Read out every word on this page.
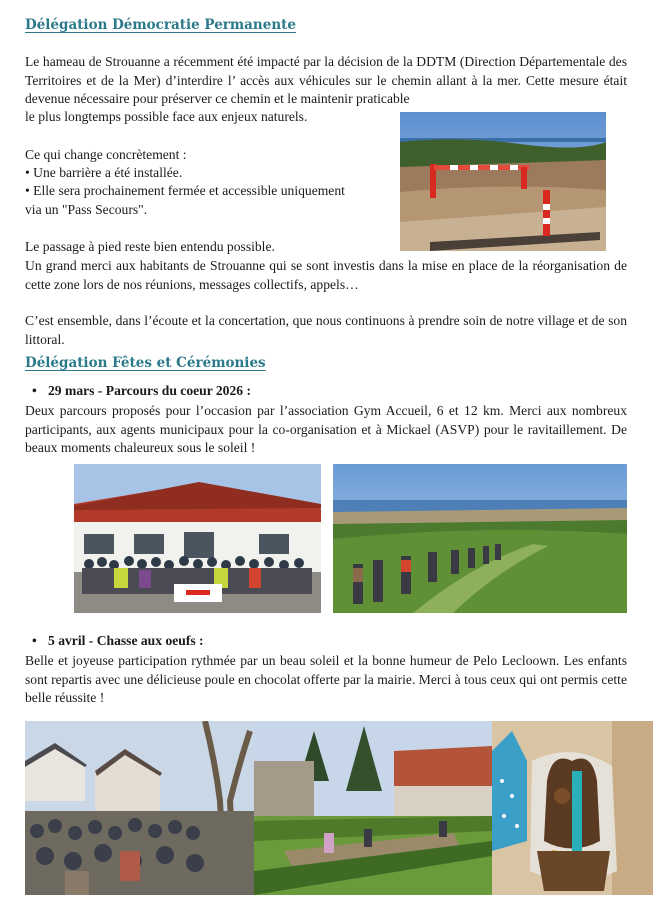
Délégation Démocratie Permanente

Le hameau de Strouanne a récemment été impacté par la décision de la DDTM (Direction Départementale des Territoires et de la Mer) d’interdire l’ accès aux véhicules sur le chemin allant à la mer. Cette mesure était devenue nécessaire pour préserver ce chemin et le maintenir praticable

le plus longtemps possible face aux enjeux naturels.
Ce qui change concrètement :
• Une barrière a été installée.
• Elle sera prochainement fermée et accessible uniquement
via un "Pass Secours".
Le passage à pied reste bien entendu possible.

Un grand merci aux habitants de Strouanne qui se sont investis dans la mise en place de la réorganisation de cette zone lors de nos réunions, messages collectifs, appels…

C’est ensemble, dans l’écoute et la concertation, que nous continuons à prendre soin de notre village et de son littoral.

Délégation Fêtes et Cérémonies
• 29 mars - Parcours du coeur 2026 :

Deux parcours proposés pour l’occasion par l’association Gym Accueil, 6 et 12 km. Merci aux nombreux participants, aux agents municipaux pour la co-organisation et à Mickael (ASVP) pour le ravitaillement. De beaux moments chaleureux sous le soleil !

• 5 avril - Chasse aux oeufs :

Belle et joyeuse participation rythmée par un beau soleil et la bonne humeur de Pelo Lecloown. Les enfants sont repartis avec une délicieuse poule en chocolat offerte par la mairie. Merci à tous ceux qui ont permis cette belle réussite !
